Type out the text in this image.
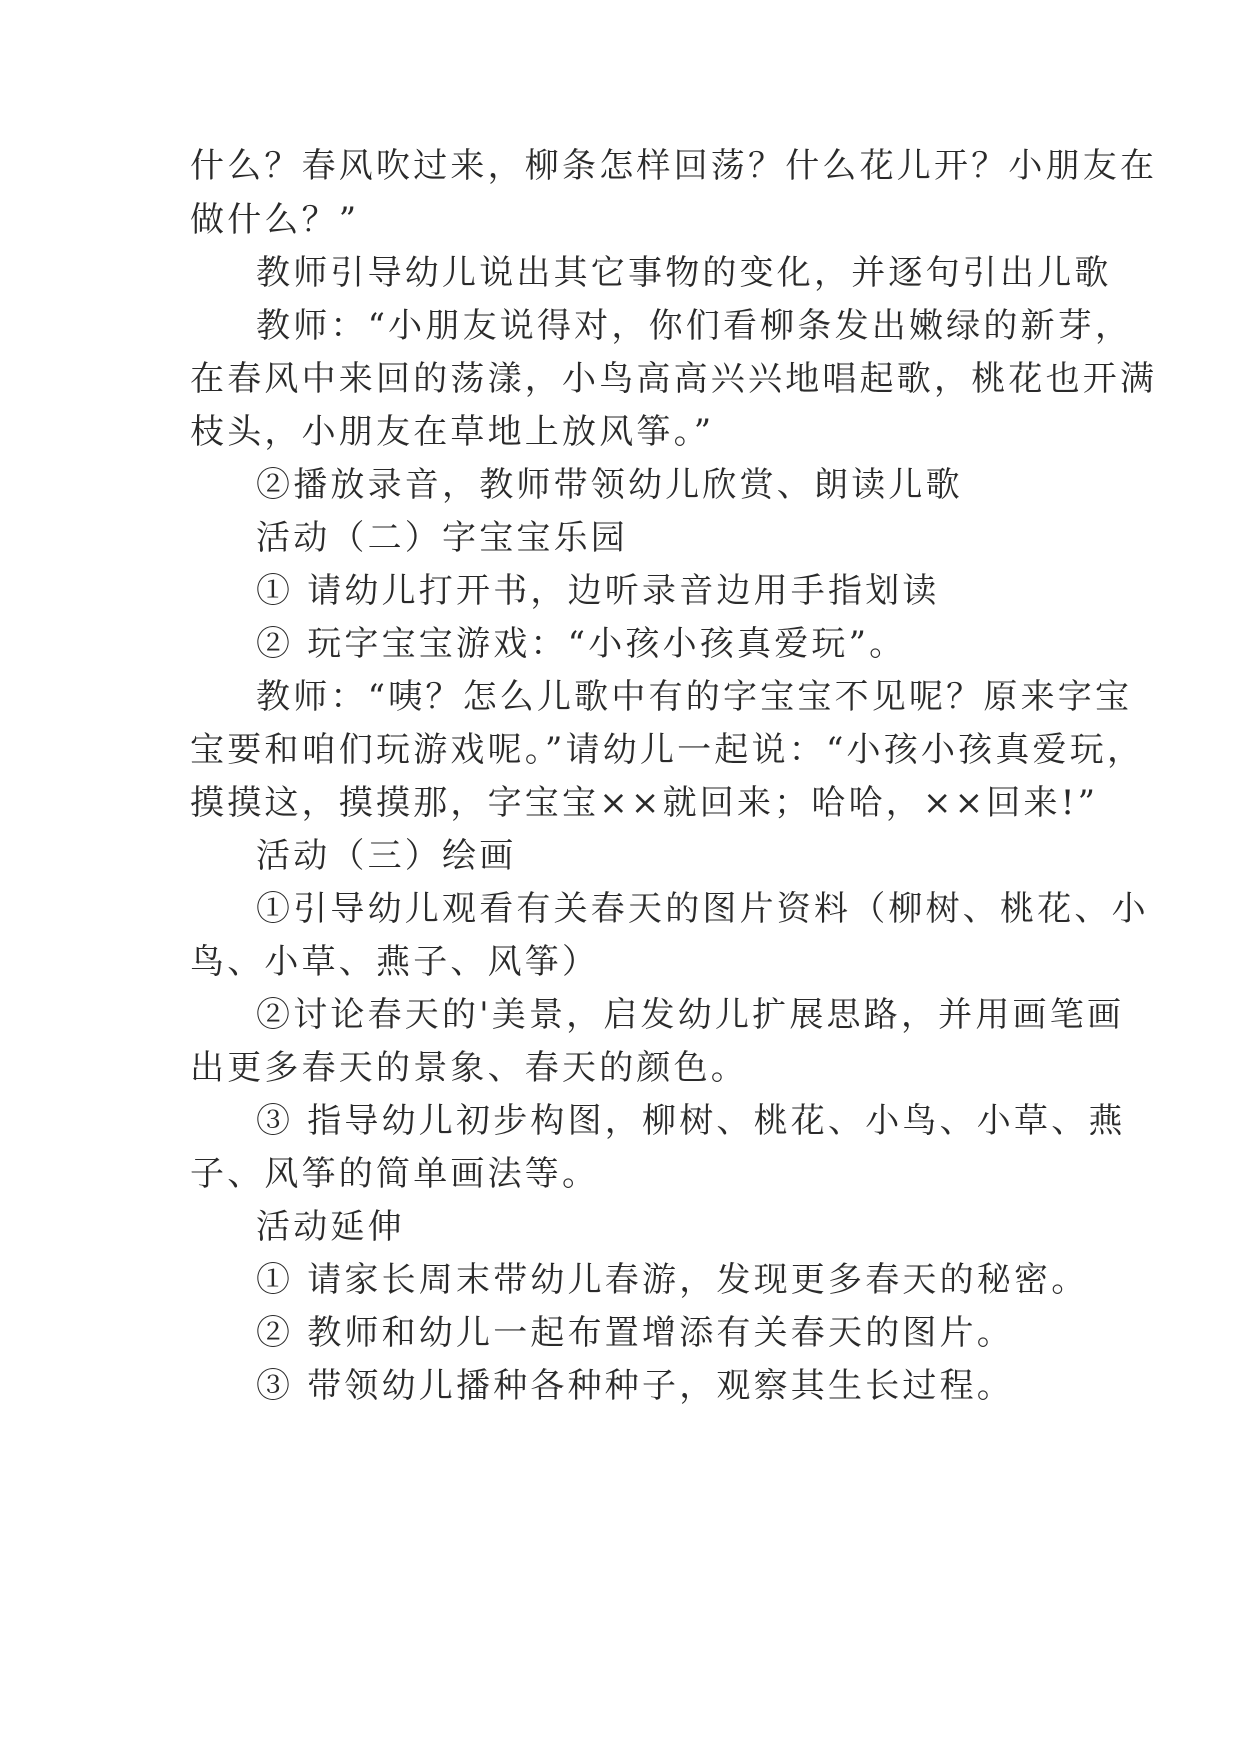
什么？春风吹过来，柳条怎样回荡？什么花儿开？小朋友在
做什么？”
教师引导幼儿说出其它事物的变化，并逐句引出儿歌
教师：“小朋友说得对，你们看柳条发出嫩绿的新芽，
在春风中来回的荡漾，小鸟高高兴兴地唱起歌，桃花也开满
枝头，小朋友在草地上放风筝。”
②播放录音，教师带领幼儿欣赏、朗读儿歌
活动（二）字宝宝乐园
① 请幼儿打开书，边听录音边用手指划读
② 玩字宝宝游戏：“小孩小孩真爱玩”。
教师：“咦？怎么儿歌中有的字宝宝不见呢？原来字宝
宝要和咱们玩游戏呢。”请幼儿一起说：“小孩小孩真爱玩，
摸摸这，摸摸那，字宝宝××就回来；哈哈，××回来!”
活动（三）绘画
①引导幼儿观看有关春天的图片资料（柳树、桃花、小
鸟、小草、燕子、风筝）
②讨论春天的'美景，启发幼儿扩展思路，并用画笔画
出更多春天的景象、春天的颜色。
③ 指导幼儿初步构图，柳树、桃花、小鸟、小草、燕
子、风筝的简单画法等。
活动延伸
① 请家长周末带幼儿春游，发现更多春天的秘密。
② 教师和幼儿一起布置增添有关春天的图片。
③ 带领幼儿播种各种种子，观察其生长过程。
